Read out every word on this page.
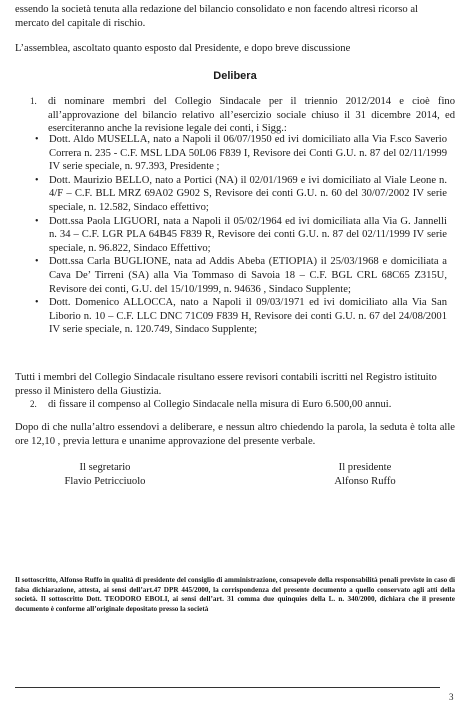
essendo la società tenuta alla redazione del bilancio consolidato e non facendo altresì ricorso al

mercato del capitale di rischio.

L’assemblea, ascoltato quanto esposto dal Presidente, e dopo breve discussione

Delibera

1. di nominare membri del Collegio Sindacale per il triennio 2012/2014 e cioè fino all’approvazione del bilancio relativo all’esercizio sociale chiuso il 31 dicembre 2014, ed eserciteranno anche la revisione legale dei conti, i Sigg.:

• Dott. Aldo MUSELLA, nato a Napoli il 06/07/1950 ed ivi domiciliato alla Via F.sco Saverio Correra n. 235 - C.F. MSL LDA 50L06 F839 I, Revisore dei Conti G.U. n. 87 del 02/11/1999 IV serie speciale, n. 97.393, Presidente ;

• Dott. Maurizio BELLO, nato a Portici (NA) il 02/01/1969 e ivi domiciliato al Viale Leone n. 4/F – C.F. BLL MRZ 69A02 G902 S, Revisore dei conti G.U. n. 60 del 30/07/2002 IV serie speciale, n. 12.582, Sindaco effettivo;

• Dott.ssa Paola LIGUORI, nata a Napoli il 05/02/1964 ed ivi domiciliata alla Via G. Jannelli n. 34 – C.F. LGR PLA 64B45 F839 R, Revisore dei conti G.U. n. 87 del 02/11/1999 IV serie speciale, n. 96.822, Sindaco Effettivo;

• Dott.ssa Carla BUGLIONE, nata ad Addis Abeba (ETIOPIA) il 25/03/1968 e domiciliata a Cava De’ Tirreni (SA) alla Via Tommaso di Savoia 18 – C.F. BGL CRL 68C65 Z315U, Revisore dei conti, G.U. del 15/10/1999, n. 94636 , Sindaco Supplente;

• Dott. Domenico ALLOCCA, nato a Napoli il 09/03/1971 ed ivi domiciliato alla Via San Liborio n. 10 – C.F. LLC DNC 71C09 F839 H, Revisore dei conti G.U. n. 67 del 24/08/2001 IV serie speciale, n. 120.749, Sindaco Supplente;

Tutti i membri del Collegio Sindacale risultano essere revisori contabili iscritti nel Registro istituito presso il Ministero della Giustizia.

2. di fissare il compenso al Collegio Sindacale nella misura di Euro 6.500,00 annui.

Dopo di che nulla’altro essendovi a deliberare, e nessun altro chiedendo la parola, la seduta è tolta alle ore 12,10 , previa lettura e unanime approvazione del presente verbale.

Il segretario

Flavio Petricciuolo

Il presidente

Alfonso Ruffo

Il sottoscritto, Alfonso Ruffo in qualità di presidente del consiglio di amministrazione, consapevole della responsabilità penali previste in caso di falsa dichiarazione, attesta, ai sensi dell’art.47 DPR 445/2000, la corrispondenza del presente documento a quello conservato agli atti della società. Il sottoscritto Dott. TEODORO EBOLI, ai sensi dell’art. 31 comma due quinquies della L. n. 340/2000, dichiara che il presente documento è conforme all’originale depositato presso la società

3
